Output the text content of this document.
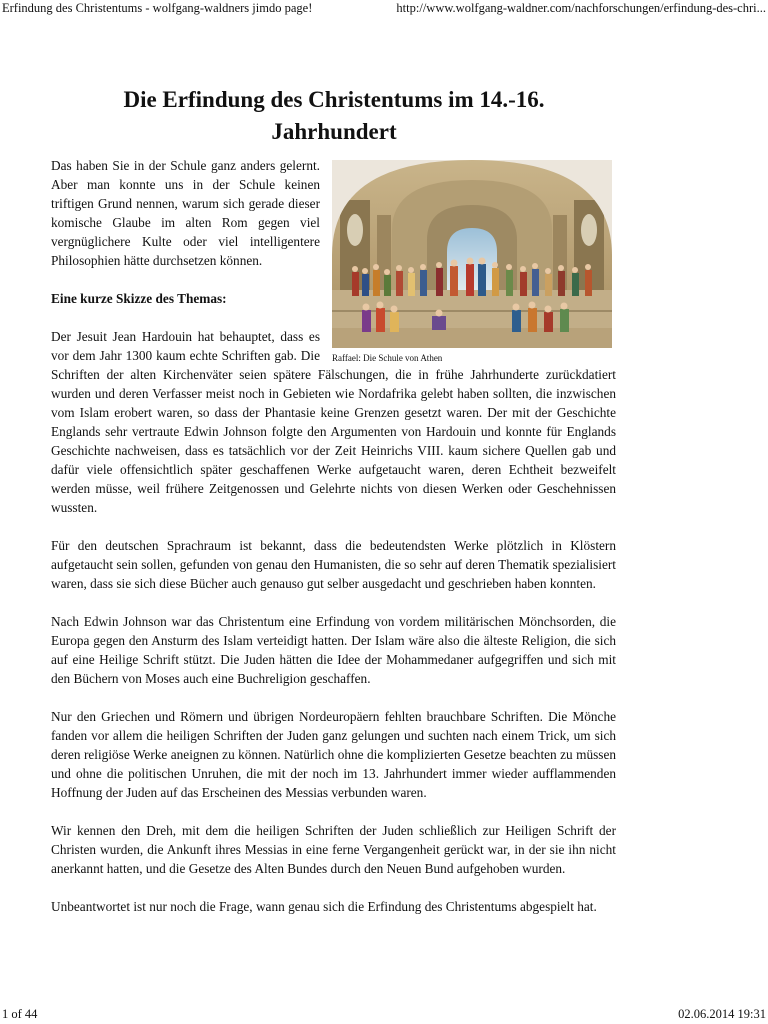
Erfindung des Christentums - wolfgang-waldners jimdo page!	http://www.wolfgang-waldner.com/nachforschungen/erfindung-des-chri...
Die Erfindung des Christentums im 14.-16. Jahrhundert
Raffael: Die Schule von Athen

Das haben Sie in der Schule ganz anders gelernt. Aber man konnte uns in der Schule keinen triftigen Grund nennen, warum sich gerade dieser komische Glaube im alten Rom gegen viel vergnüglichere Kulte oder viel intelligentere Philosophien hätte durchsetzen können.

Eine kurze Skizze des Themas:

Der Jesuit Jean Hardouin hat behauptet, dass es vor dem Jahr 1300 kaum echte Schriften gab. Die Schriften der alten Kirchenväter seien spätere Fälschungen, die in frühe Jahrhunderte zurückdatiert wurden und deren Verfasser meist noch in Gebieten wie Nordafrika gelebt haben sollten, die inzwischen vom Islam erobert waren, so dass der Phantasie keine Grenzen gesetzt waren. Der mit der Geschichte Englands sehr vertraute Edwin Johnson folgte den Argumenten von Hardouin und konnte für Englands Geschichte nachweisen, dass es tatsächlich vor der Zeit Heinrichs VIII. kaum sichere Quellen gab und dafür viele offensichtlich später geschaffenen Werke aufgetaucht waren, deren Echtheit bezweifelt werden müsse, weil frühere Zeitgenossen und Gelehrte nichts von diesen Werken oder Geschehnissen wussten.

Für den deutschen Sprachraum ist bekannt, dass die bedeutendsten Werke plötzlich in Klöstern aufgetaucht sein sollen, gefunden von genau den Humanisten, die so sehr auf deren Thematik spezialisiert waren, dass sie sich diese Bücher auch genauso gut selber ausgedacht und geschrieben haben konnten.

Nach Edwin Johnson war das Christentum eine Erfindung von vordem militärischen Mönchsorden, die Europa gegen den Ansturm des Islam verteidigt hatten. Der Islam wäre also die älteste Religion, die sich auf eine Heilige Schrift stützt. Die Juden hätten die Idee der Mohammedaner aufgegriffen und sich mit den Büchern von Moses auch eine Buchreligion geschaffen.

Nur den Griechen und Römern und übrigen Nordeuropäern fehlten brauchbare Schriften. Die Mönche fanden vor allem die heiligen Schriften der Juden ganz gelungen und suchten nach einem Trick, um sich deren religiöse Werke aneignen zu können. Natürlich ohne die komplizierten Gesetze beachten zu müssen und ohne die politischen Unruhen, die mit der noch im 13. Jahrhundert immer wieder aufflammenden Hoffnung der Juden auf das Erscheinen des Messias verbunden waren.

Wir kennen den Dreh, mit dem die heiligen Schriften der Juden schließlich zur Heiligen Schrift der Christen wurden, die Ankunft ihres Messias in eine ferne Vergangenheit gerückt war, in der sie ihn nicht anerkannt hatten, und die Gesetze des Alten Bundes durch den Neuen Bund aufgehoben wurden.

Unbeantwortet ist nur noch die Frage, wann genau sich die Erfindung des Christentums abgespielt hat.

1 of 44	02.06.2014 19:31
